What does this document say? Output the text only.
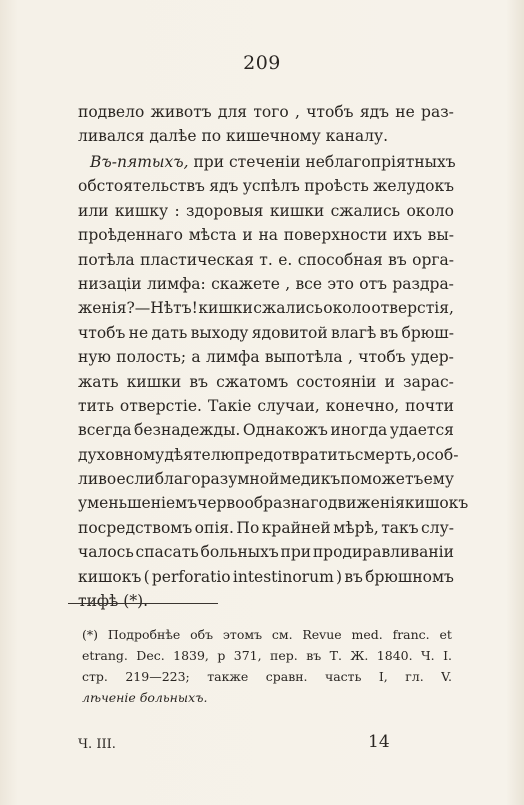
209
подвело животъ для того , чтобъ ядъ не раз-
ливался далѣе по кишечному каналу.
Въ-пятыхъ, при стеченіи неблагопріятныхъ
обстоятельствъ ядъ успѣлъ проѣсть желудокъ
или кишку : здоровыя кишки сжались около
проѣденнаго мѣста и на поверхности ихъ вы-
потѣла пластическая т. е. способная въ орга-
низаціи лимфа: скажете , все это отъ раздра-
женія?—Нѣтъ! кишки сжались около отверстія,
чтобъ не дать выходу ядовитой влагѣ въ брюш-
ную полость; а лимфа выпотѣла , чтобъ удер-
жать кишки въ сжатомъ состояніи и зарас-
тить отверстіе. Такіе случаи, конечно, почти
всегда безнадежды. Однакожъ иногда удается
духовному дѣятелю предотвратить смерть, особ-
ливо если благоразумной медикъ поможетъ ему
уменьшеніемъ червообразнаго движенія кишокъ
посредствомъ опія. По крайней мѣрѣ, такъ слу-
чалось спасать больныхъ при продиравливаніи
кишокъ ( perforatio intestinorum ) въ брюшномъ
тифѣ (*).
(*) Подробнѣе объ этомъ см. Revue med. franc. et
etrang. Dec. 1839, p 371, пер. въ Т. Ж. 1840. Ч. I.
стр. 219—223; также сравн. часть I, гл. V.
лѣченіе больныхъ.
Ч. III.	14
